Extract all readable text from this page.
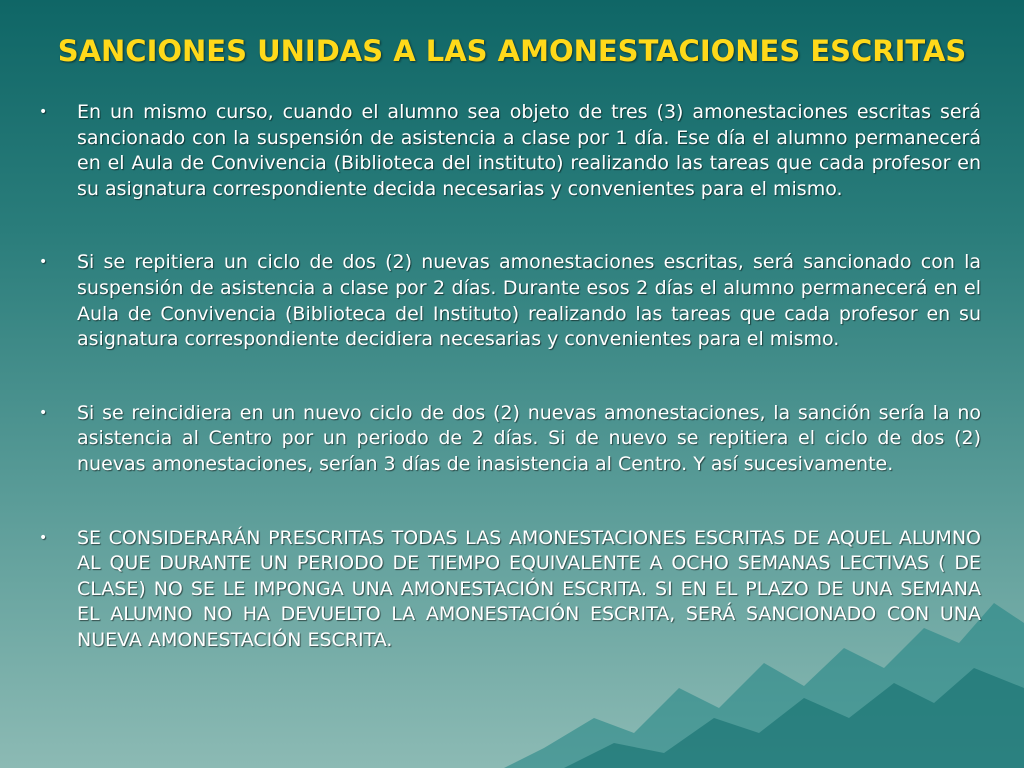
SANCIONES UNIDAS A LAS AMONESTACIONES ESCRITAS
• En un mismo curso, cuando el alumno sea objeto de tres (3) amonestaciones escritas será sancionado con la suspensión de asistencia a clase por 1 día. Ese día el alumno permanecerá en el Aula de Convivencia (Biblioteca del instituto) realizando las tareas que cada profesor en su asignatura correspondiente decida necesarias y convenientes para el mismo.
• Si se repitiera un ciclo de dos (2) nuevas amonestaciones escritas, será sancionado con la suspensión de asistencia a clase por 2 días. Durante esos 2 días el alumno permanecerá en el Aula de Convivencia (Biblioteca del Instituto) realizando las tareas que cada profesor en su asignatura correspondiente decidiera necesarias y convenientes para el mismo.
• Si se reincidiera en un nuevo ciclo de dos (2) nuevas amonestaciones, la sanción sería la no asistencia al Centro por un periodo de 2 días. Si de nuevo se repitiera el ciclo de dos (2) nuevas amonestaciones, serían 3 días de inasistencia al Centro. Y así sucesivamente.
• SE CONSIDERARÁN PRESCRITAS TODAS LAS AMONESTACIONES ESCRITAS DE AQUEL ALUMNO AL QUE DURANTE UN PERIODO DE TIEMPO EQUIVALENTE A OCHO SEMANAS LECTIVAS ( DE CLASE) NO SE LE IMPONGA UNA AMONESTACIÓN ESCRITA. SI EN EL PLAZO DE UNA SEMANA EL ALUMNO NO HA DEVUELTO LA AMONESTACIÓN ESCRITA, SERÁ SANCIONADO CON UNA NUEVA AMONESTACIÓN ESCRITA.
